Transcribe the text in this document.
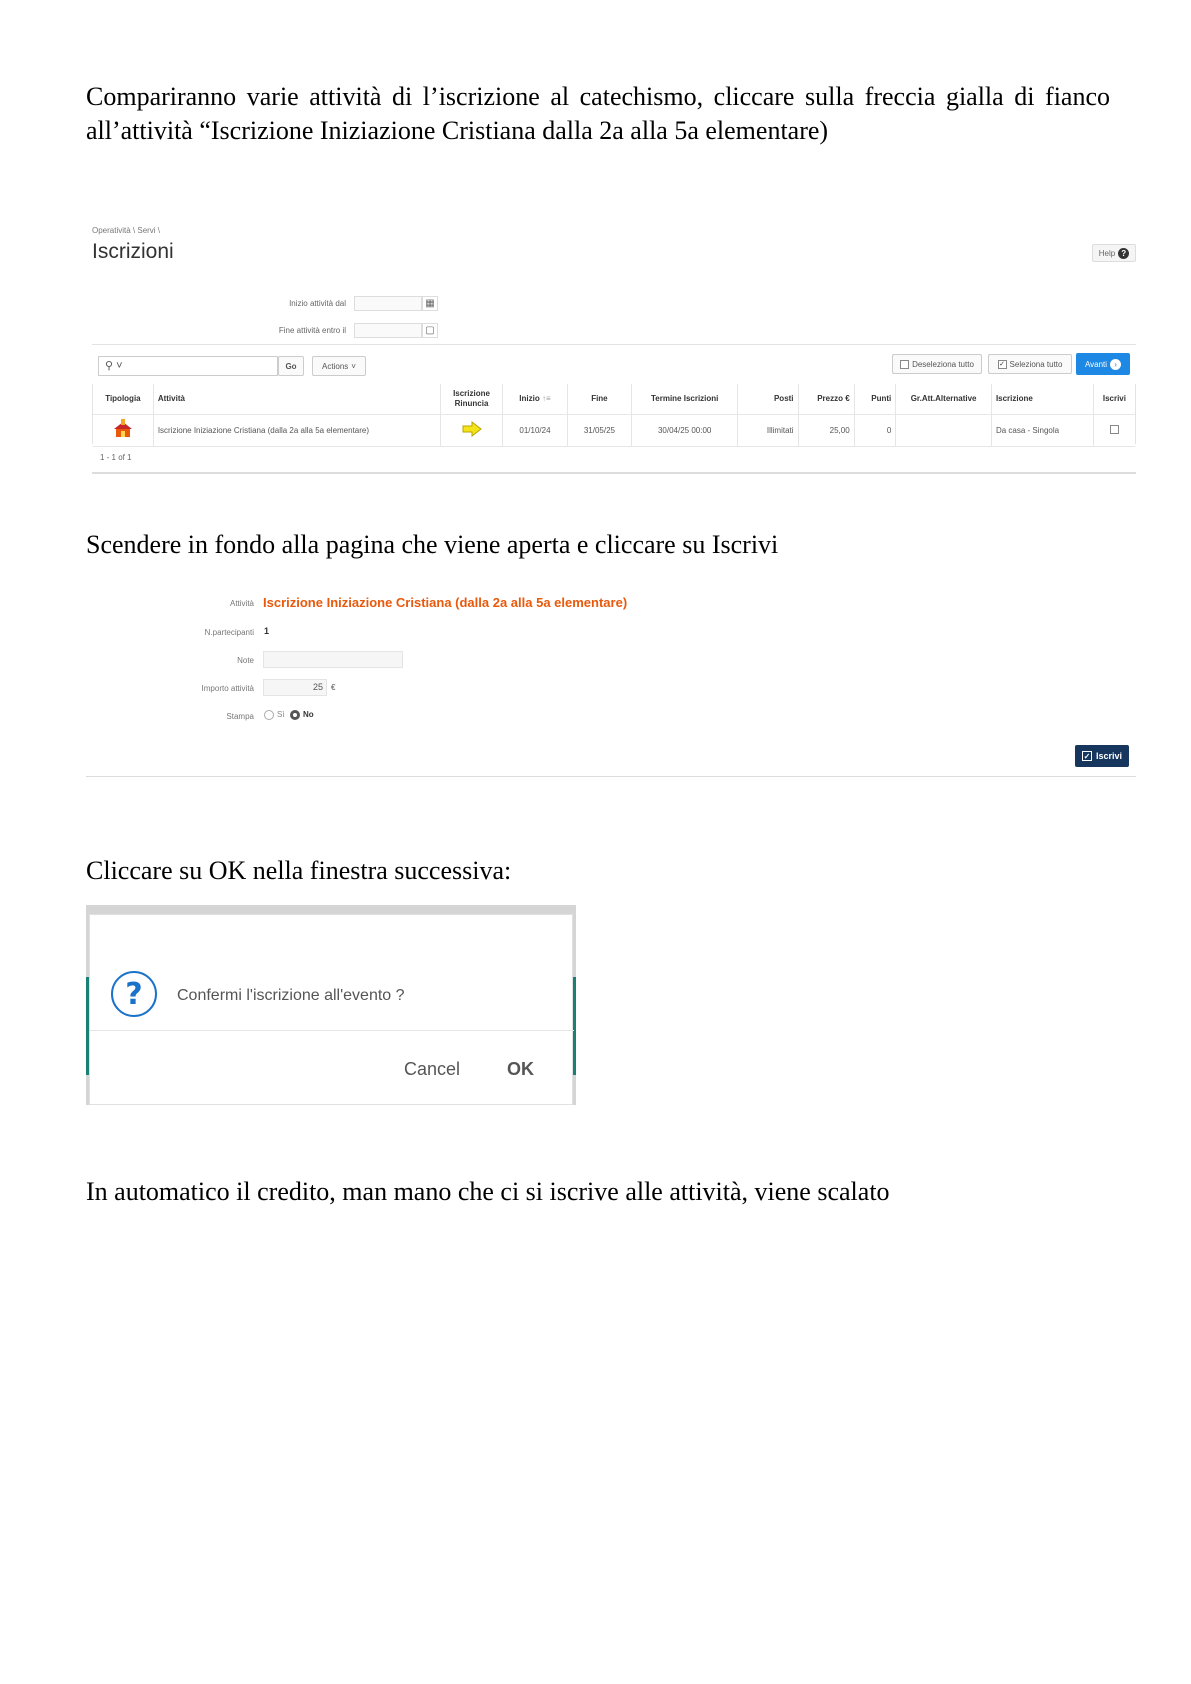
Compariranno varie attività di l’iscrizione al catechismo, cliccare sulla freccia gialla di fianco
all’attività “Iscrizione Iniziazione Cristiana dalla 2a alla 5a elementare)
Operatività \ Servi \
Iscrizioni	Help ?
Inizio attività dal	▦
Fine attività entro il	▢
⚲ ˅	Go	Actions ˅	Deseleziona tutto	✓ Seleziona tutto	Avanti ›
Tipologia	Attività	Iscrizione Rinuncia	Inizio ↑≡	Fine	Termine Iscrizioni	Posti	Prezzo €	Punti	Gr.Att.Alternative	Iscrizione	Iscrivi
	Iscrizione Iniziazione Cristiana (dalla 2a alla 5a elementare)		01/10/24	31/05/25	30/04/25 00:00	Illimitati	25,00	0		Da casa - Singola	
1 - 1 of 1
Scendere in fondo alla pagina che viene aperta e cliccare su Iscrivi
Attività Iscrizione Iniziazione Cristiana (dalla 2a alla 5a elementare)
N.partecipanti 1
Note
Importo attività	25	€
Stampa	Sì No
✓ Iscrivi
Cliccare su OK nella finestra successiva:
?	Confermi l'iscrizione all'evento ?
Cancel	OK
In automatico il credito, man mano che ci si iscrive alle attività, viene scalato
